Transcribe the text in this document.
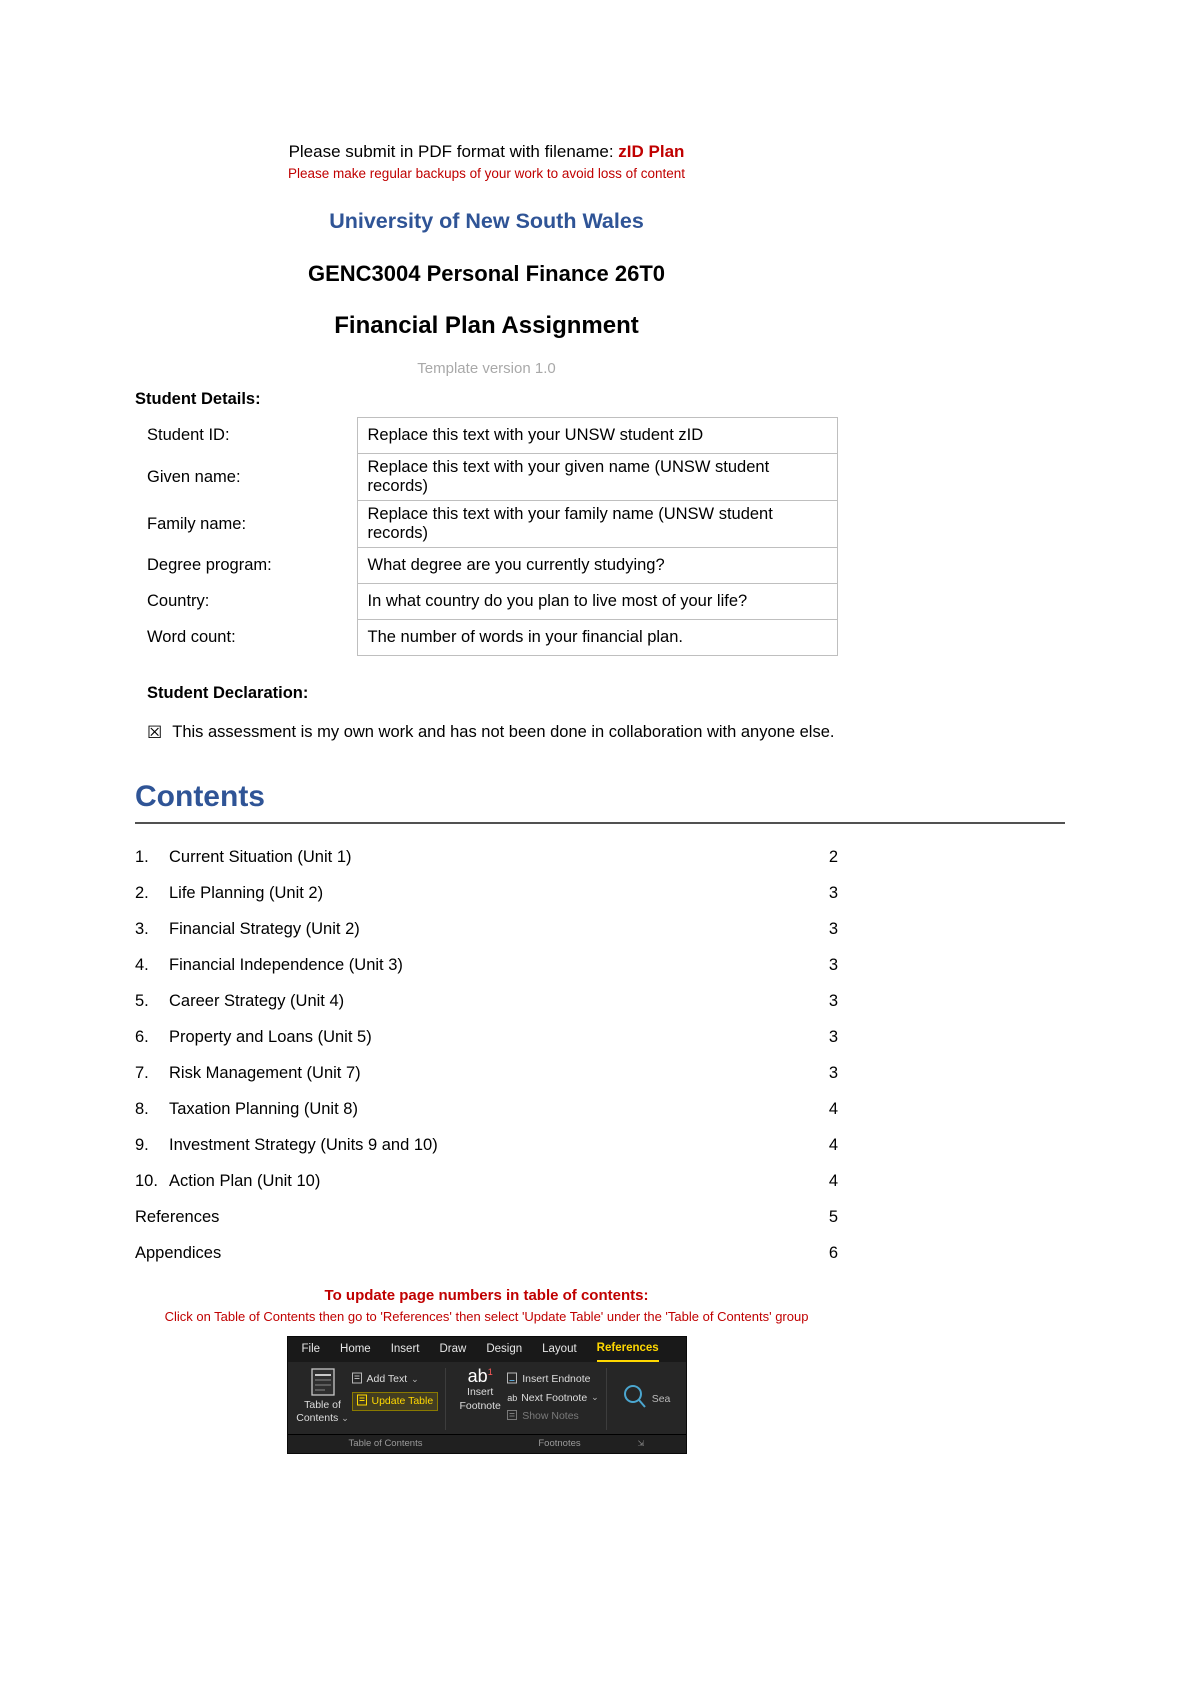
Please submit in PDF format with filename: zID Plan

Please make regular backups of your work to avoid loss of content

University of New South Wales
GENC3004 Personal Finance 26T0
Financial Plan Assignment

Template version 1.0

Student Details:

Student ID:	Replace this text with your UNSW student zID
Given name:	Replace this text with your given name (UNSW student records)
Family name:	Replace this text with your family name (UNSW student records)
Degree program:	What degree are you currently studying?
Country:	In what country do you plan to live most of your life?
Word count:	The number of words in your financial plan.

Student Declaration:

☒ This assessment is my own work and has not been done in collaboration with anyone else.

Contents
1.	Current Situation (Unit 1)	2
2.	Life Planning (Unit 2)	3
3.	Financial Strategy (Unit 2)	3
4.	Financial Independence (Unit 3)	3
5.	Career Strategy (Unit 4)	3
6.	Property and Loans (Unit 5)	3
7.	Risk Management (Unit 7)	3
8.	Taxation Planning (Unit 8)	4
9.	Investment Strategy (Units 9 and 10)	4
10. Action Plan (Unit 10)	4
References	5
Appendices	6

To update page numbers in table of contents:

Click on Table of Contents then go to 'References' then select 'Update Table' under the 'Table of Contents' group

File Home Insert Draw Design Layout References
Table of
Contents ⌄
Add Text ⌄
Update Table
$ab^1$
Insert
Footnote
Insert Endnote
ab Next Footnote ⌄
Show Notes
Sea
Table of Contents	Footnotes	⇲
